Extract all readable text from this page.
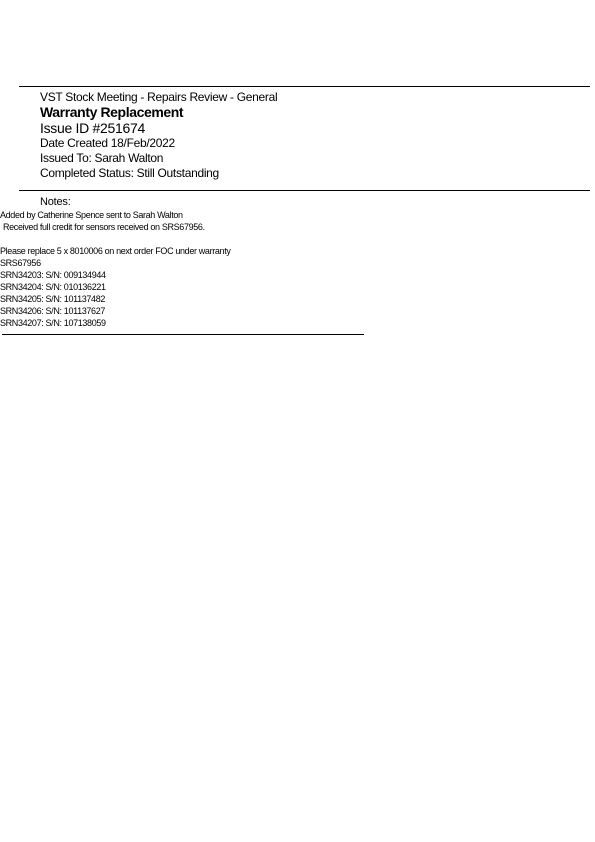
VST Stock Meeting - Repairs Review - General
Warranty Replacement
Issue ID #251674
Date Created 18/Feb/2022
Issued To: Sarah Walton
Completed Status: Still Outstanding
Notes:
Added by Catherine Spence sent to Sarah Walton
Received full credit for sensors received on SRS67956.
Please replace 5 x 8010006 on next order FOC under warranty
SRS67956
SRN34203: S/N: 009134944
SRN34204: S/N: 010136221
SRN34205: S/N: 101137482
SRN34206: S/N: 101137627
SRN34207: S/N: 107138059
